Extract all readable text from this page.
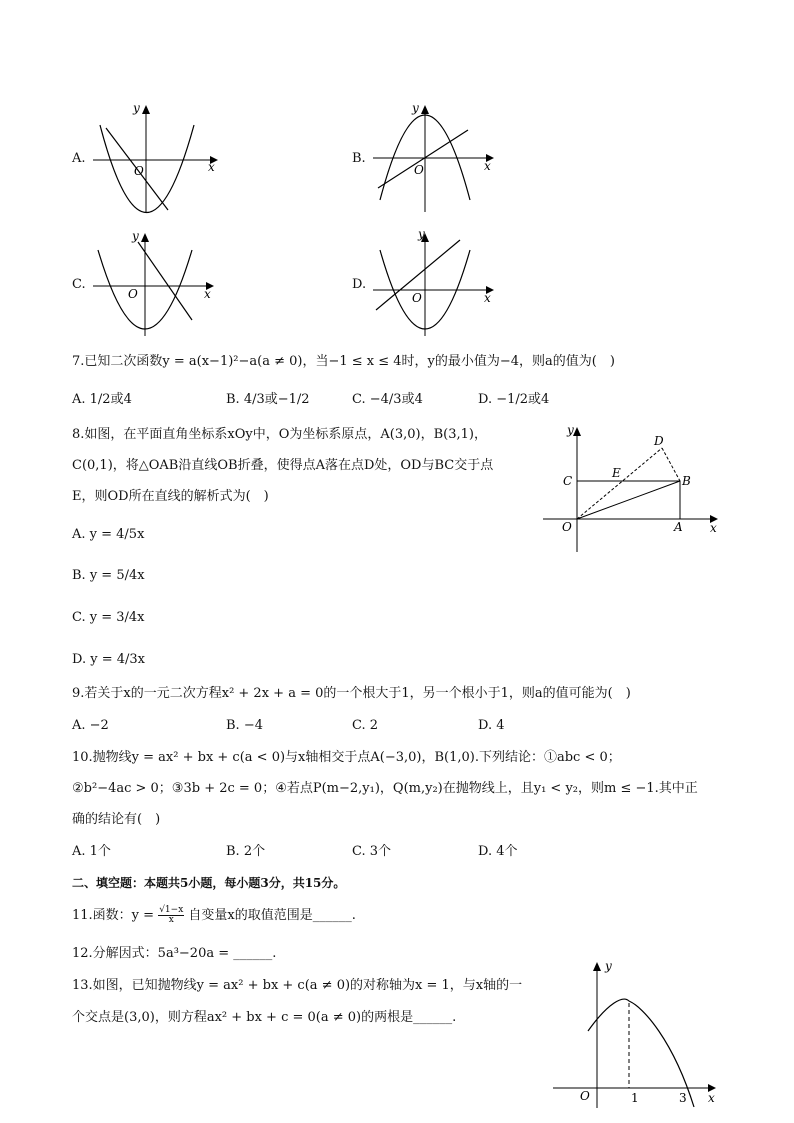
A.
y
x
O
B.
y
x
O
C.
y
x
O
D.
y
x
O
7.已知二次函数y = a(x−1)²−a(a ≠ 0)，当−1 ≤ x ≤ 4时，y的最小值为−4，则a的值为(　)
A. 1/2或4	B. 4/3或−1/2	C. −4/3或4	D. −1/2或4
8.如图，在平面直角坐标系xOy中，O为坐标系原点，A(3,0)，B(3,1)，
C(0,1)，将△OAB沿直线OB折叠，使得点A落在点D处，OD与BC交于点
E，则OD所在直线的解析式为(　)
A. y = 4/5x
B. y = 5/4x
C. y = 3/4x
D. y = 4/3x
y
x
O	A
B
C
D
E
9.若关于x的一元二次方程x² + 2x + a = 0的一个根大于1，另一个根小于1，则a的值可能为(　)
A. −2	B. −4	C. 2	D. 4
10.抛物线y = ax² + bx + c(a < 0)与x轴相交于点A(−3,0)，B(1,0).下列结论：①abc < 0；
②b²−4ac > 0；③3b + 2c = 0；④若点P(m−2,y₁)，Q(m,y₂)在抛物线上，且y₁ < y₂，则m ≤ −1.其中正
确的结论有(　)
A. 1个	B. 2个	C. 3个	D. 4个
二、填空题：本题共5小题，每小题3分，共15分。
11.函数：$y = \frac{√1-x}{x}$ 自变量x的取值范围是______.
12.分解因式：5a³−20a = ______.
13.如图，已知抛物线y = ax² + bx + c(a ≠ 0)的对称轴为x = 1，与x轴的一
个交点是(3,0)，则方程ax² + bx + c = 0(a ≠ 0)的两根是______.
y
x
O	1	3
